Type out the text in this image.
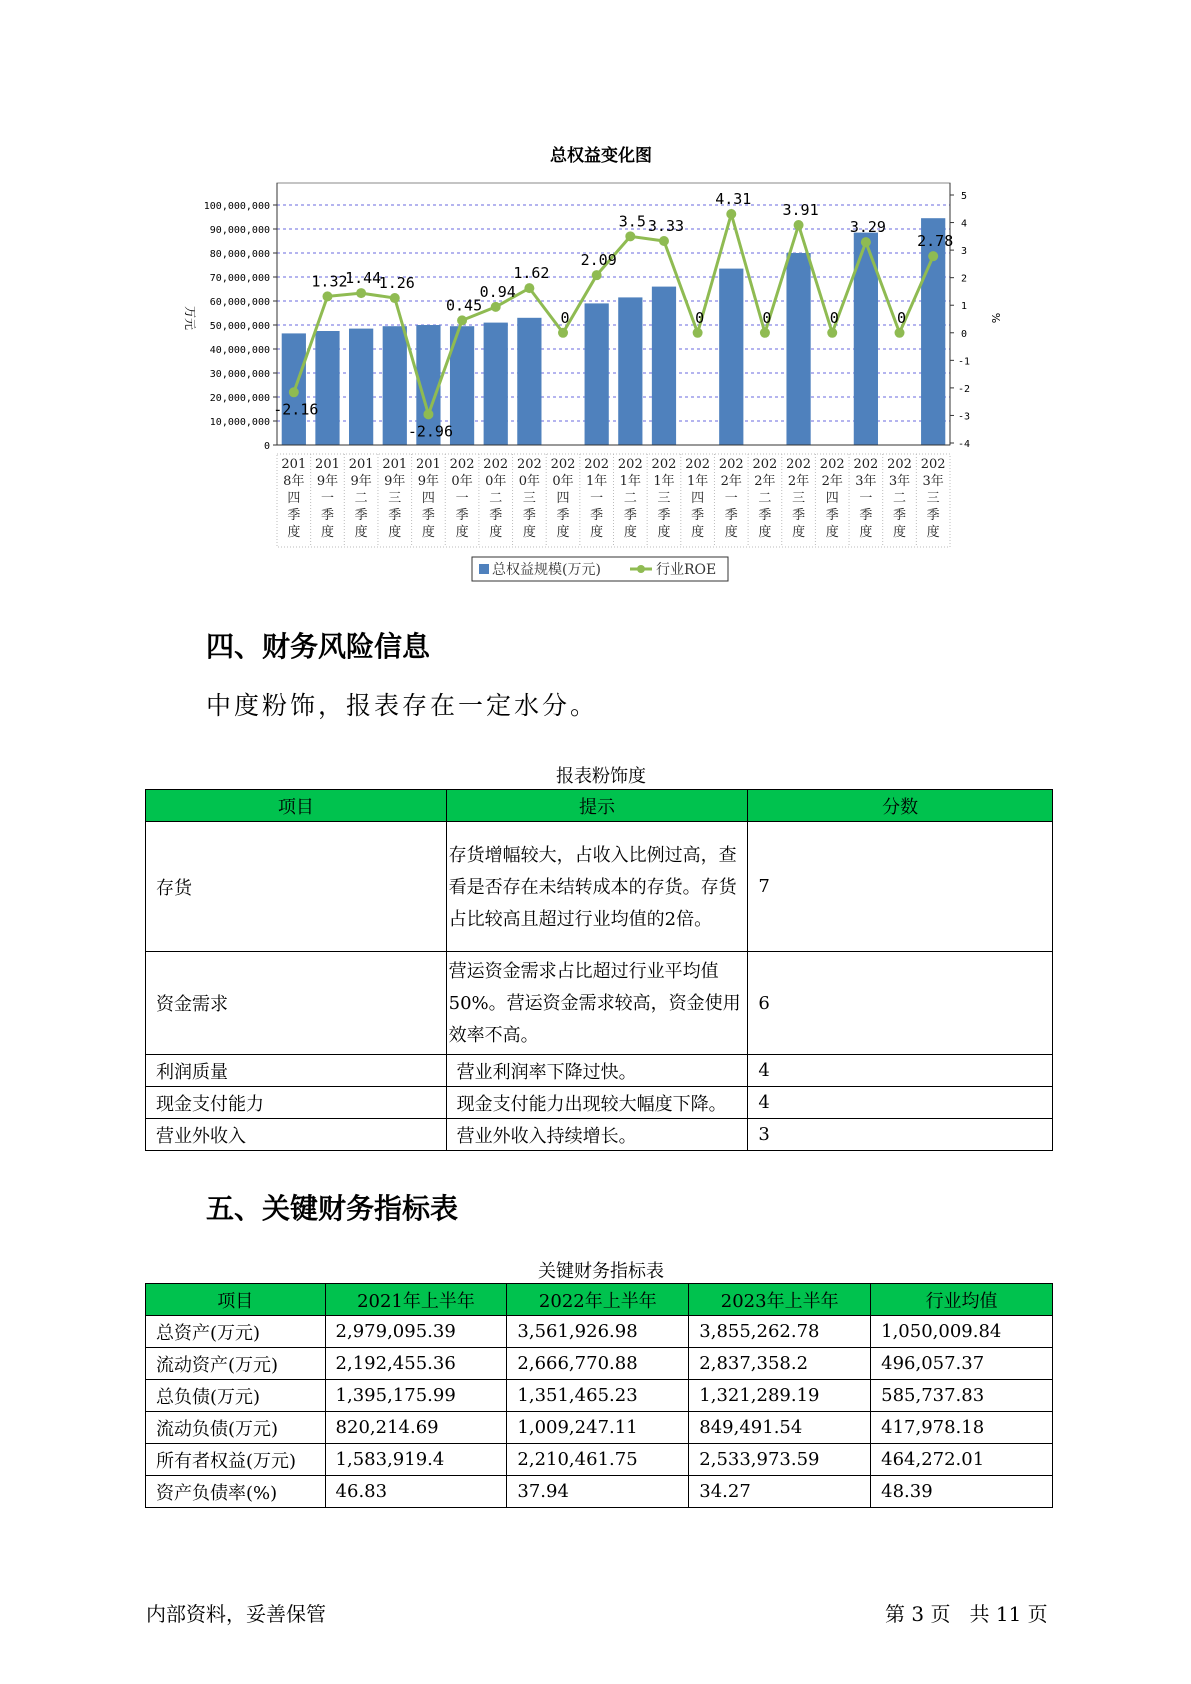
总权益变化图
0
10,000,000
20,000,000
30,000,000
40,000,000
50,000,000
60,000,000
70,000,000
80,000,000
90,000,000
100,000,000
-4
-3
-2
-1
0
1
2
3
4
5
万元	%
201
8年
四
季
度
201
9年
一
季
度
201
9年
二
季
度
201
9年
三
季
度
201
9年
四
季
度
202
0年
一
季
度
202
0年
二
季
度
202
0年
三
季
度
202
0年
四
季
度
202
1年
一
季
度
202
1年
二
季
度
202
1年
三
季
度
202
1年
四
季
度
202
2年
一
季
度
202
2年
二
季
度
202
2年
三
季
度
202
2年
四
季
度
202
3年
一
季
度
202
3年
二
季
度
202
3年
三
季
度
-2.16
1.32
1.44
1.26
-2.96
0.45
0.94
1.62
0
2.09
3.5 3.33
0
4.31
0
3.91
0
3.29
0
2.78
总权益规模(万元)	行业ROE
四、财务风险信息

中度粉饰，报表存在一定水分。

报表粉饰度
项目	提示	分数
存货	存货增幅较大，占收入比例过高，查看是否存在未结转成本的存货。存货占比较高且超过行业均值的2倍。	7
资金需求	营运资金需求占比超过行业平均值50%。营运资金需求较高，资金使用效率不高。	6
利润质量	营业利润率下降过快。	4
现金支付能力	现金支付能力出现较大幅度下降。	4
营业外收入	营业外收入持续增长。	3
五、关键财务指标表
关键财务指标表
项目	2021年上半年	2022年上半年	2023年上半年	行业均值
总资产(万元)	2,979,095.39	3,561,926.98	3,855,262.78	1,050,009.84
流动资产(万元)	2,192,455.36	2,666,770.88	2,837,358.2	496,057.37
总负债(万元)	1,395,175.99	1,351,465.23	1,321,289.19	585,737.83
流动负债(万元)	820,214.69	1,009,247.11	849,491.54	417,978.18
所有者权益(万元)	1,583,919.4	2,210,461.75	2,533,973.59	464,272.01
资产负债率(%)	46.83	37.94	34.27	48.39
内部资料，妥善保管	第 3 页   共 11 页
